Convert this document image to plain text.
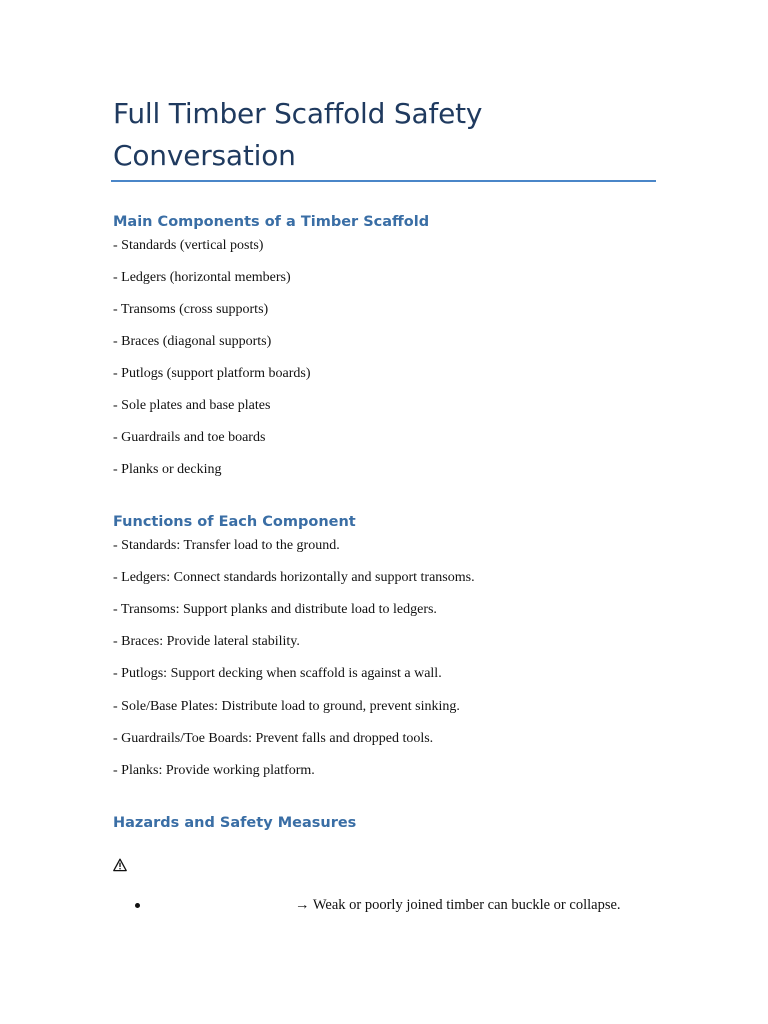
Full Timber Scaffold Safety Conversation
Main Components of a Timber Scaffold

- Standards (vertical posts)

- Ledgers (horizontal members)

- Transoms (cross supports)

- Braces (diagonal supports)

- Putlogs (support platform boards)

- Sole plates and base plates

- Guardrails and toe boards

- Planks or decking

Functions of Each Component

- Standards: Transfer load to the ground.

- Ledgers: Connect standards horizontally and support transoms.

- Transoms: Support planks and distribute load to ledgers.

- Braces: Provide lateral stability.

- Putlogs: Support decking when scaffold is against a wall.

- Sole/Base Plates: Distribute load to ground, prevent sinking.

- Guardrails/Toe Boards: Prevent falls and dropped tools.

- Planks: Provide working platform.

Hazards and Safety Measures
→ Weak or poorly joined timber can buckle or collapse.
